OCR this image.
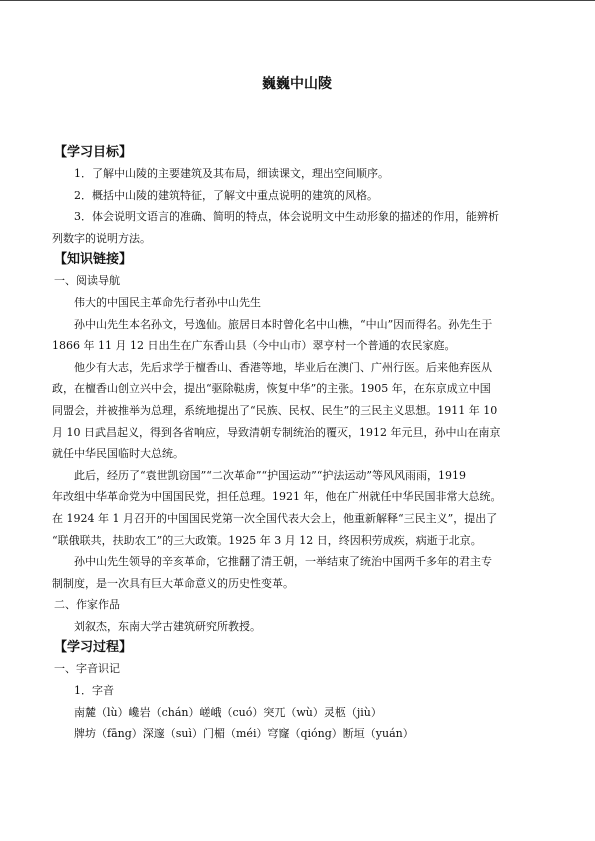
巍巍中山陵
【学习目标】
1．了解中山陵的主要建筑及其布局，细读课文，理出空间顺序。
2．概括中山陵的建筑特征，了解文中重点说明的建筑的风格。
3．体会说明文语言的准确、简明的特点，体会说明文中生动形象的描述的作用，能辨析
列数字的说明方法。
【知识链接】
一、阅读导航
伟大的中国民主革命先行者孙中山先生
孙中山先生本名孙文，号逸仙。旅居日本时曾化名中山樵，“中山”因而得名。孙先生于
1866 年 11 月 12 日出生在广东香山县（今中山市）翠亨村一个普通的农民家庭。
他少有大志，先后求学于檀香山、香港等地，毕业后在澳门、广州行医。后来他弃医从
政，在檀香山创立兴中会，提出“驱除鞑虏，恢复中华”的主张。1905 年，在东京成立中国
同盟会，并被推举为总理，系统地提出了“民族、民权、民生”的三民主义思想。1911 年 10
月 10 日武昌起义，得到各省响应，导致清朝专制统治的覆灭，1912 年元旦，孙中山在南京
就任中华民国临时大总统。
此后，经历了“袁世凯窃国”“二次革命”“护国运动”“护法运动”等风风雨雨，1919
年改组中华革命党为中国国民党，担任总理。1921 年，他在广州就任中华民国非常大总统。
在 1924 年 1 月召开的中国国民党第一次全国代表大会上，他重新解释“三民主义”，提出了
“联俄联共，扶助农工”的三大政策。1925 年 3 月 12 日，终因积劳成疾，病逝于北京。
孙中山先生领导的辛亥革命，它推翻了清王朝，一举结束了统治中国两千多年的君主专
制制度，是一次具有巨大革命意义的历史性变革。
二、作家作品
刘叙杰，东南大学古建筑研究所教授。
【学习过程】
一、字音识记
1．字音
南麓（lù）巉岩（chán）嵯峨（cuó）突兀（wù）灵柩（jiù）
牌坊（fāng）深邃（suì）门楣（méi）穹窿（qióng）断垣（yuán）
